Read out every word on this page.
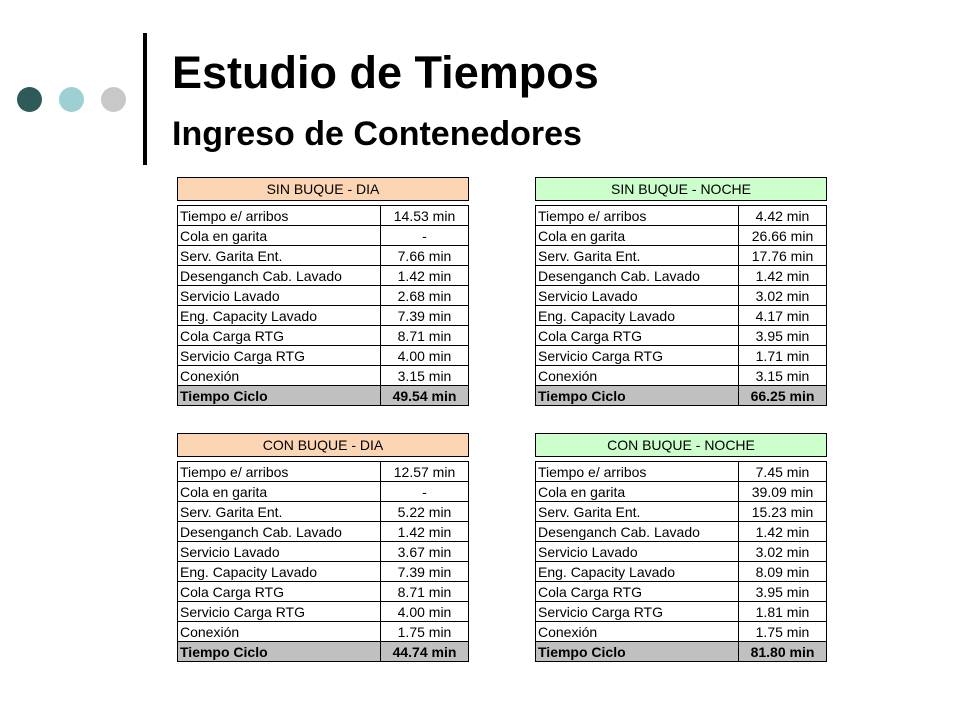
Estudio de Tiempos
Ingreso de Contenedores
SIN BUQUE - DIA	

Tiempo e/ arribos	14.53 min
Cola en garita	-
Serv. Garita Ent.	7.66 min
Desenganch Cab. Lavado	1.42 min
Servicio Lavado	2.68 min
Eng. Capacity Lavado	7.39 min
Cola Carga RTG	8.71 min
Servicio Carga RTG	4.00 min
Conexión	3.15 min
Tiempo Ciclo	49.54 min
SIN BUQUE - NOCHE	

Tiempo e/ arribos	4.42 min
Cola en garita	26.66 min
Serv. Garita Ent.	17.76 min
Desenganch Cab. Lavado	1.42 min
Servicio Lavado	3.02 min
Eng. Capacity Lavado	4.17 min
Cola Carga RTG	3.95 min
Servicio Carga RTG	1.71 min
Conexión	3.15 min
Tiempo Ciclo	66.25 min
CON BUQUE - DIA	

Tiempo e/ arribos	12.57 min
Cola en garita	-
Serv. Garita Ent.	5.22 min
Desenganch Cab. Lavado	1.42 min
Servicio Lavado	3.67 min
Eng. Capacity Lavado	7.39 min
Cola Carga RTG	8.71 min
Servicio Carga RTG	4.00 min
Conexión	1.75 min
Tiempo Ciclo	44.74 min
CON BUQUE - NOCHE	

Tiempo e/ arribos	7.45 min
Cola en garita	39.09 min
Serv. Garita Ent.	15.23 min
Desenganch Cab. Lavado	1.42 min
Servicio Lavado	3.02 min
Eng. Capacity Lavado	8.09 min
Cola Carga RTG	3.95 min
Servicio Carga RTG	1.81 min
Conexión	1.75 min
Tiempo Ciclo	81.80 min
